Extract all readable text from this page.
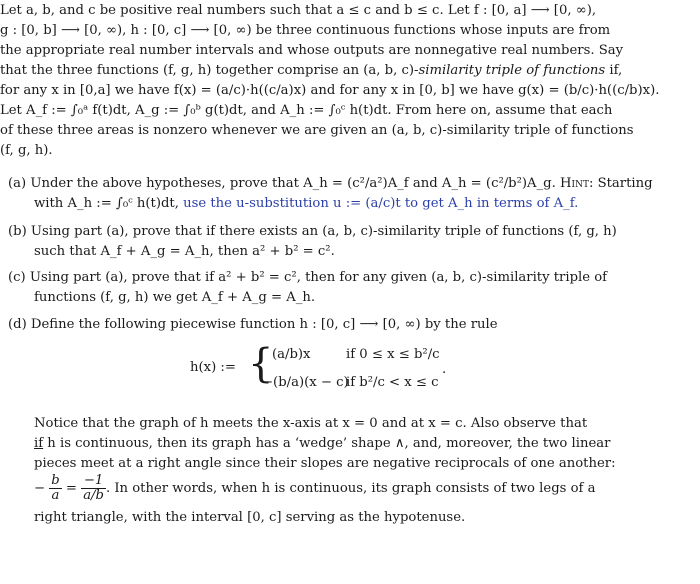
Let a, b, and c be positive real numbers such that a ≤ c and b ≤ c. Let f : [0, a] ⟶ [0, ∞),
g : [0, b] ⟶ [0, ∞), h : [0, c] ⟶ [0, ∞) be three continuous functions whose inputs are from
the appropriate real number intervals and whose outputs are nonnegative real numbers. Say
that the three functions (f, g, h) together comprise an (a, b, c)-similarity triple of functions if,
for any x in [0,a] we have f(x) = (a/c)·h((c/a)x) and for any x in [0, b] we have g(x) = (b/c)·h((c/b)x).
Let A_f := ∫₀ᵃ f(t)dt, A_g := ∫₀ᵇ g(t)dt, and A_h := ∫₀ᶜ h(t)dt. From here on, assume that each
of these three areas is nonzero whenever we are given an (a, b, c)-similarity triple of functions
(f, g, h).
(a) Under the above hypotheses, prove that A_h = (c²/a²)A_f and A_h = (c²/b²)A_g. Hint: Starting
with A_h := ∫₀ᶜ h(t)dt, use the u-substitution u := (a/c)t to get A_h in terms of A_f.
(b) Using part (a), prove that if there exists an (a, b, c)-similarity triple of functions (f, g, h)
such that A_f + A_g = A_h, then a² + b² = c².
(c) Using part (a), prove that if a² + b² = c², then for any given (a, b, c)-similarity triple of
functions (f, g, h) we get A_f + A_g = A_h.
(d) Define the following piecewise function h : [0, c] ⟶ [0, ∞) by the rule
h(x) := {
(a/b)x	if 0 ≤ x ≤ b²/c
−(b/a)(x − c)
if b²/c < x ≤ c
.
Notice that the graph of h meets the x-axis at x = 0 and at x = c. Also observe that
if h is continuous, then its graph has a ‘wedge’ shape ∧, and, moreover, the two linear
pieces meet at a right angle since their slopes are negative reciprocals of one another:
− $\frac{b}{a} = \frac{-1}{a/b}$ . In other words, when h is continuous, its graph consists of two legs of a
right triangle, with the interval [0, c] serving as the hypotenuse.
